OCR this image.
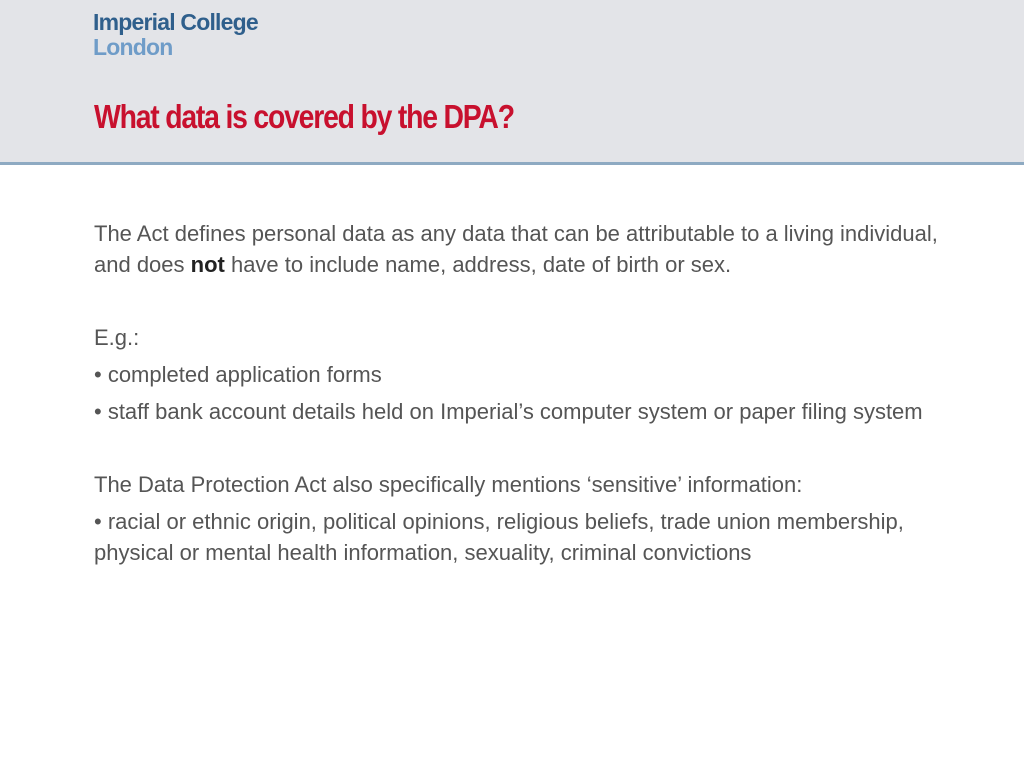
Imperial College
London
What data is covered by the DPA?

The Act defines personal data as any data that can be attributable to a living individual, and does not have to include name, address, date of birth or sex.

E.g.:

• completed application forms

• staff bank account details held on Imperial’s computer system or paper filing system

The Data Protection Act also specifically mentions ‘sensitive’ information:

• racial or ethnic origin, political opinions, religious beliefs, trade union membership, physical or mental health information, sexuality, criminal convictions
